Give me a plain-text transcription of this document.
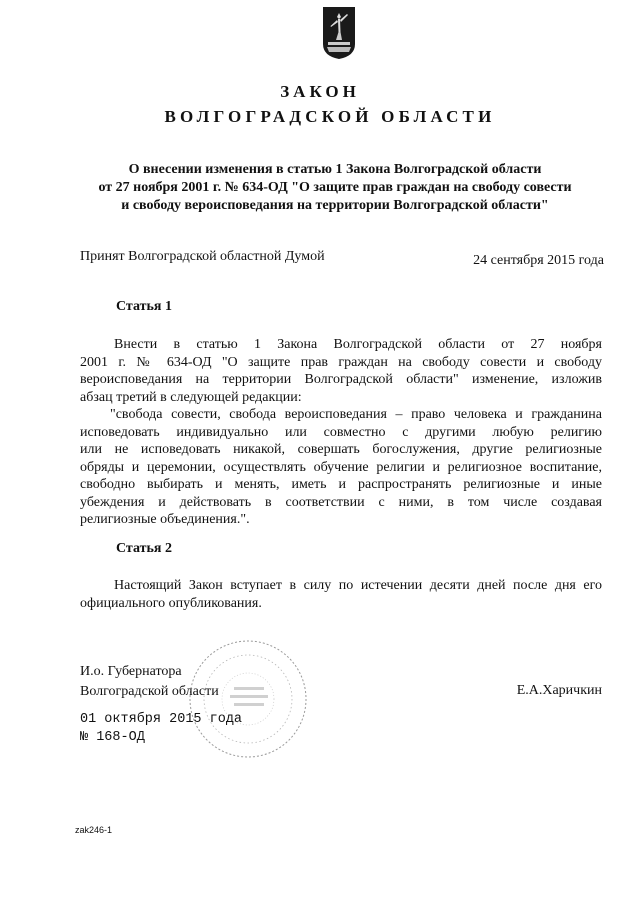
ЗАКОН
ВОЛГОГРАДСКОЙ ОБЛАСТИ
О внесении изменения в статью 1 Закона Волгоградской области
от 27 ноября 2001 г. № 634-ОД "О защите прав граждан на свободу совести
и свободу вероисповедания на территории Волгоградской области"
Принят Волгоградской областной Думой	24 сентября 2015 года
Статья 1
Внести в статью 1 Закона Волгоградской области от 27 ноября
2001 г. № 634-ОД "О защите прав граждан на свободу совести и свободу
вероисповедания на территории Волгоградской области" изменение, изложив
абзац третий в следующей редакции:
"свобода совести, свобода вероисповедания – право человека и гражданина
исповедовать индивидуально или совместно с другими любую религию
или не исповедовать никакой, совершать богослужения, другие религиозные
обряды и церемонии, осуществлять обучение религии и религиозное воспитание,
свободно выбирать и менять, иметь и распространять религиозные и иные
убеждения и действовать в соответствии с ними, в том числе создавая
религиозные объединения.".
Статья 2
Настоящий Закон вступает в силу по истечении десяти дней после дня его
официального опубликования.
И.о. Губернатора
Волгоградской области	Е.А.Харичкин
01 октября 2015 года
№ 168-ОД
zak246-1
